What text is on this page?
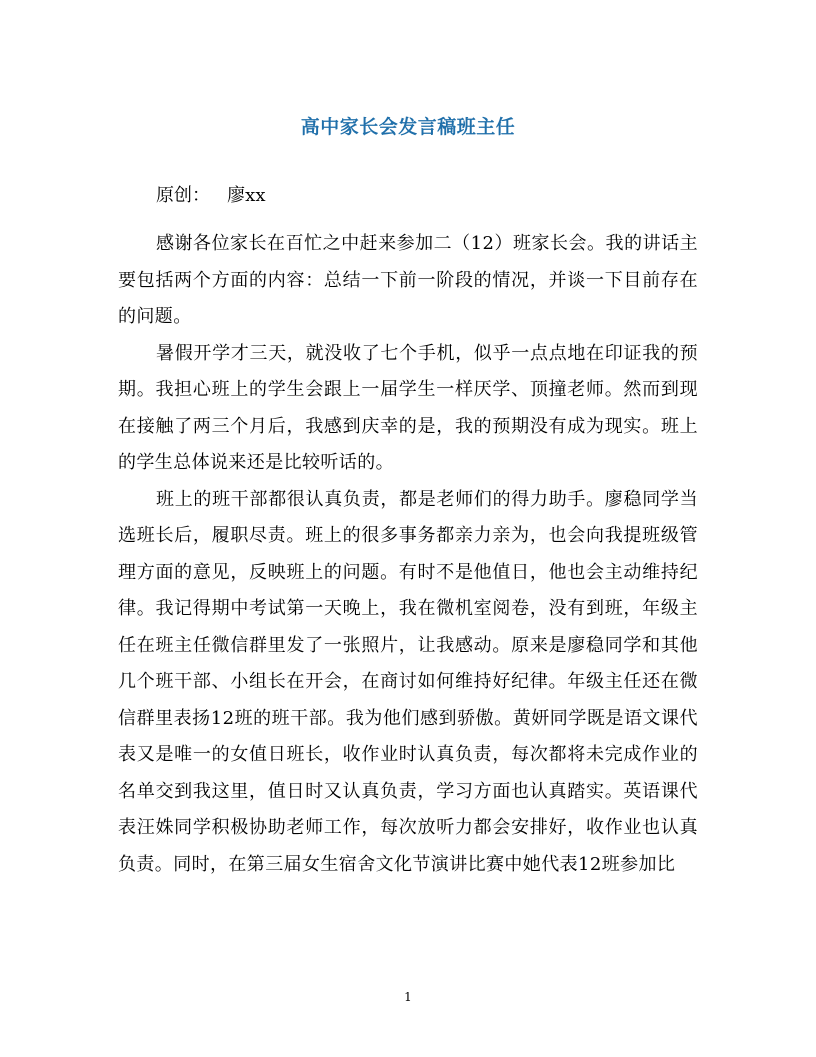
高中家长会发言稿班主任
原创：   廖xx

感谢各位家长在百忙之中赶来参加二（12）班家长会。我的讲话主要包括两个方面的内容：总结一下前一阶段的情况，并谈一下目前存在的问题。

暑假开学才三天，就没收了七个手机，似乎一点点地在印证我的预期。我担心班上的学生会跟上一届学生一样厌学、顶撞老师。然而到现在接触了两三个月后，我感到庆幸的是，我的预期没有成为现实。班上的学生总体说来还是比较听话的。

班上的班干部都很认真负责，都是老师们的得力助手。廖稳同学当选班长后，履职尽责。班上的很多事务都亲力亲为，也会向我提班级管理方面的意见，反映班上的问题。有时不是他值日，他也会主动维持纪律。我记得期中考试第一天晚上，我在微机室阅卷，没有到班，年级主任在班主任微信群里发了一张照片，让我感动。原来是廖稳同学和其他几个班干部、小组长在开会，在商讨如何维持好纪律。年级主任还在微信群里表扬12班的班干部。我为他们感到骄傲。黄妍同学既是语文课代表又是唯一的女值日班长，收作业时认真负责，每次都将未完成作业的名单交到我这里，值日时又认真负责，学习方面也认真踏实。英语课代表汪姝同学积极协助老师工作，每次放听力都会安排好，收作业也认真负责。同时，在第三届女生宿舍文化节演讲比赛中她代表12班参加比

1
